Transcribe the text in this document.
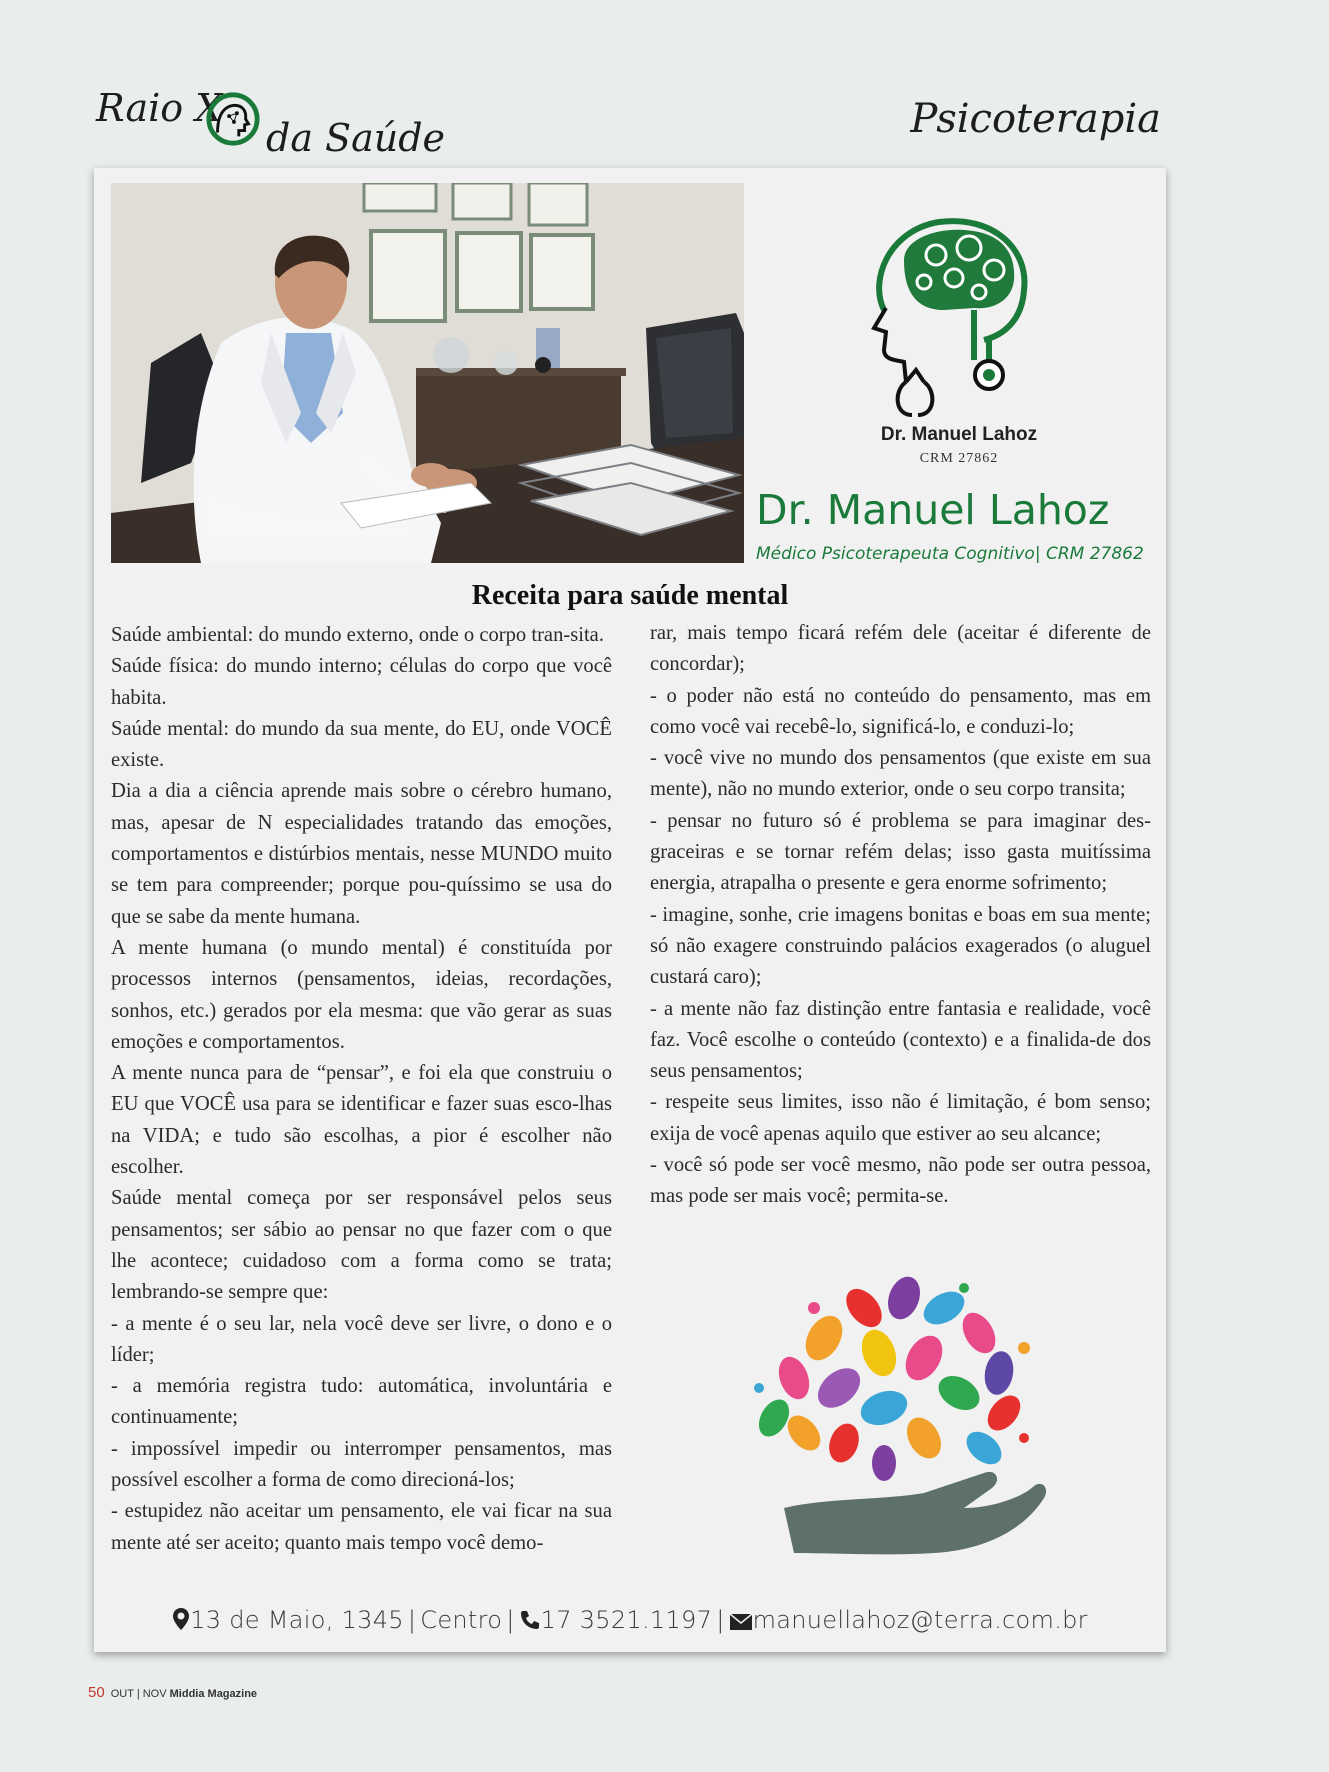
Raio X
da Saúde	Psicoterapia
Dr. Manuel Lahoz
CRM 27862
Dr. Manuel Lahoz
Médico Psicoterapeuta Cognitivo| CRM 27862
Receita para saúde mental

Saúde ambiental: do mundo externo, onde o corpo tran-sita.

Saúde física: do mundo interno; células do corpo que você habita.

Saúde mental: do mundo da sua mente, do EU, onde VOCÊ existe.

Dia a dia a ciência aprende mais sobre o cérebro humano, mas, apesar de N especialidades tratando das emoções, comportamentos e distúrbios mentais, nesse MUNDO muito se tem para compreender; porque pou-quíssimo se usa do que se sabe da mente humana.

A mente humana (o mundo mental) é constituída por processos internos (pensamentos, ideias, recordações, sonhos, etc.) gerados por ela mesma: que vão gerar as suas emoções e comportamentos.

A mente nunca para de “pensar”, e foi ela que construiu o EU que VOCÊ usa para se identificar e fazer suas esco-lhas na VIDA; e tudo são escolhas, a pior é escolher não escolher.

Saúde mental começa por ser responsável pelos seus pensamentos; ser sábio ao pensar no que fazer com o que lhe acontece; cuidadoso com a forma como se trata; lembrando-se sempre que:

- a mente é o seu lar, nela você deve ser livre, o dono e o líder;

- a memória registra tudo: automática, involuntária e continuamente;

- impossível impedir ou interromper pensamentos, mas possível escolher a forma de como direcioná-los;

- estupidez não aceitar um pensamento, ele vai ficar na sua mente até ser aceito; quanto mais tempo você demo-

rar, mais tempo ficará refém dele (aceitar é diferente de concordar);

- o poder não está no conteúdo do pensamento, mas em como você vai recebê-lo, significá-lo, e conduzi-lo;

- você vive no mundo dos pensamentos (que existe em sua mente), não no mundo exterior, onde o seu corpo transita;

- pensar no futuro só é problema se para imaginar des-graceiras e se tornar refém delas; isso gasta muitíssima energia, atrapalha o presente e gera enorme sofrimento;

- imagine, sonhe, crie imagens bonitas e boas em sua mente; só não exagere construindo palácios exagerados (o aluguel custará caro);

- a mente não faz distinção entre fantasia e realidade, você faz. Você escolhe o conteúdo (contexto) e a finalida-de dos seus pensamentos;

- respeite seus limites, isso não é limitação, é bom senso; exija de você apenas aquilo que estiver ao seu alcance;

- você só pode ser você mesmo, não pode ser outra pessoa, mas pode ser mais você; permita-se.

13 de Maio, 1345 | Centro | 17 3521.1197 | manuellahoz@terra.com.br
50 OUT | NOV Middia Magazine
